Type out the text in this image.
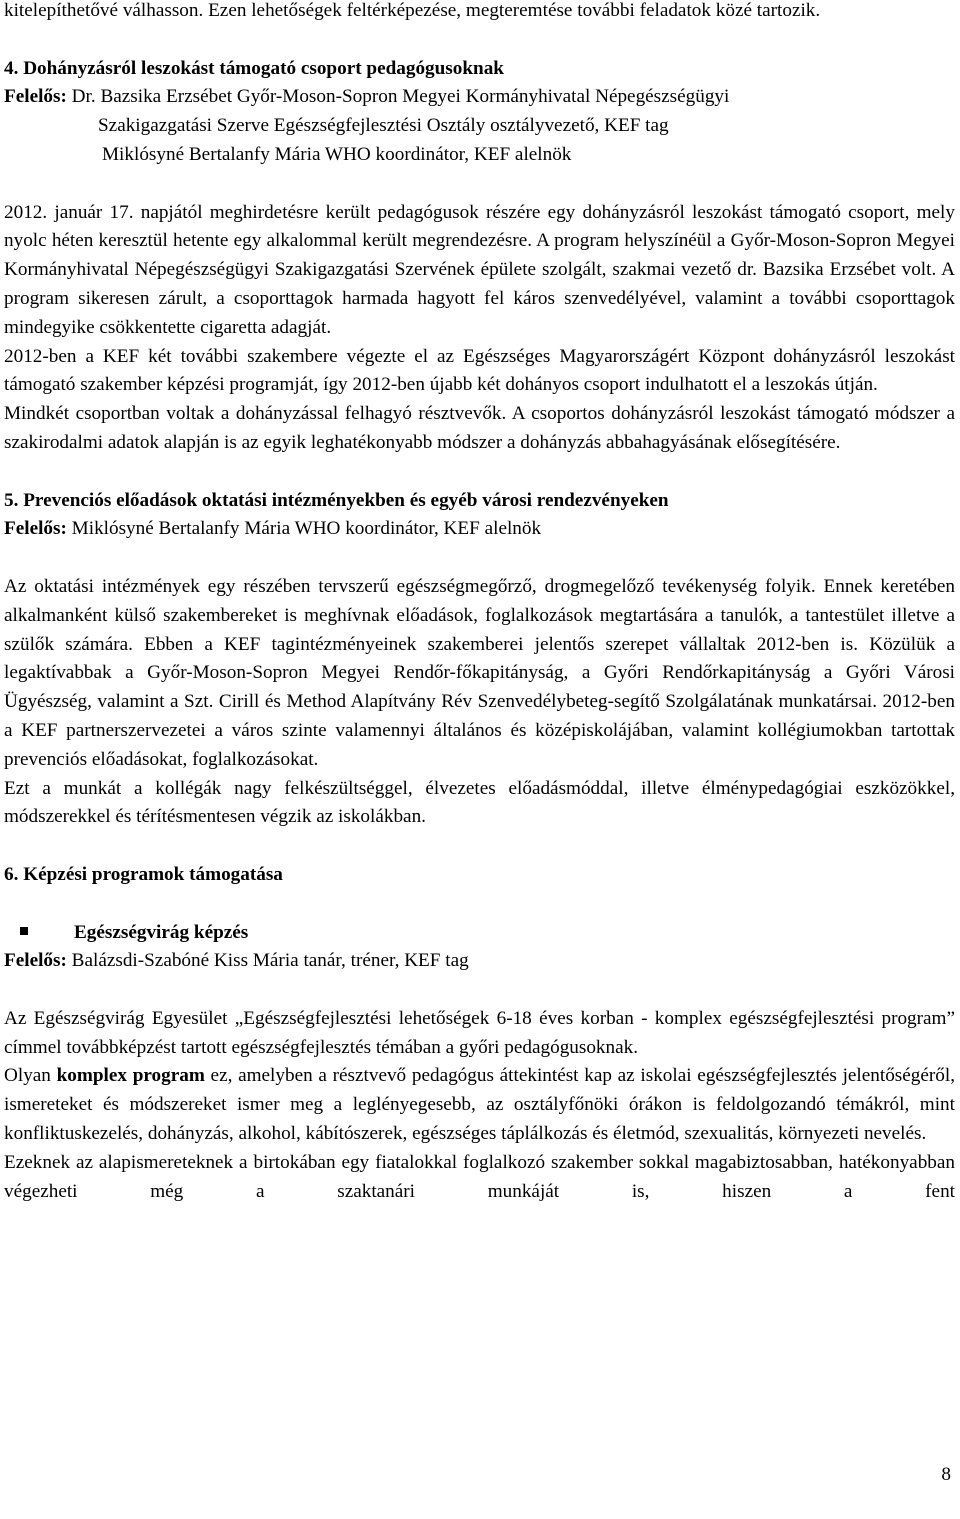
kitelepíthetővé válhasson. Ezen lehetőségek feltérképezése, megteremtése további feladatok közé tartozik.

4. Dohányzásról leszokást támogató csoport pedagógusoknak

Felelős: Dr. Bazsika Erzsébet Győr-Moson-Sopron Megyei Kormányhivatal Népegészségügyi

Szakigazgatási Szerve Egészségfejlesztési Osztály osztályvezető, KEF tag

Miklósyné Bertalanfy Mária WHO koordinátor, KEF alelnök

2012. január 17. napjától meghirdetésre került pedagógusok részére egy dohányzásról leszokást támogató csoport, mely nyolc héten keresztül hetente egy alkalommal került megrendezésre. A program helyszínéül a Győr-Moson-Sopron Megyei Kormányhivatal Népegészségügyi Szakigazgatási Szervének épülete szolgált, szakmai vezető dr. Bazsika Erzsébet volt. A program sikeresen zárult, a csoporttagok harmada hagyott fel káros szenvedélyével, valamint a további csoporttagok mindegyike csökkentette cigaretta adagját.

2012-ben a KEF két további szakembere végezte el az Egészséges Magyarországért Központ dohányzásról leszokást támogató szakember képzési programját, így 2012-ben újabb két dohányos csoport indulhatott el a leszokás útján.

Mindkét csoportban voltak a dohányzással felhagyó résztvevők. A csoportos dohányzásról leszokást támogató módszer a szakirodalmi adatok alapján is az egyik leghatékonyabb módszer a dohányzás abbahagyásának elősegítésére.

5. Prevenciós előadások oktatási intézményekben és egyéb városi rendezvényeken

Felelős: Miklósyné Bertalanfy Mária WHO koordinátor, KEF alelnök

Az oktatási intézmények egy részében tervszerű egészségmegőrző, drogmegelőző tevékenység folyik. Ennek keretében alkalmanként külső szakembereket is meghívnak előadások, foglalkozások megtartására a tanulók, a tantestület illetve a szülők számára. Ebben a KEF tagintézményeinek szakemberei jelentős szerepet vállaltak 2012-ben is. Közülük a legaktívabbak a Győr-Moson-Sopron Megyei Rendőr-főkapitányság, a Győri Rendőrkapitányság a Győri Városi Ügyészség, valamint a Szt. Cirill és Method Alapítvány Rév Szenvedélybeteg-segítő Szolgálatának munkatársai. 2012-ben a KEF partnerszervezetei a város szinte valamennyi általános és középiskolájában, valamint kollégiumokban tartottak prevenciós előadásokat, foglalkozásokat.

Ezt a munkát a kollégák nagy felkészültséggel, élvezetes előadásmóddal, illetve élménypedagógiai eszközökkel, módszerekkel és térítésmentesen végzik az iskolákban.

6. Képzési programok támogatása

Egészségvirág képzés

Felelős: Balázsdi-Szabóné Kiss Mária tanár, tréner, KEF tag

Az Egészségvirág Egyesület „Egészségfejlesztési lehetőségek 6-18 éves korban - komplex egészségfejlesztési program” címmel továbbképzést tartott egészségfejlesztés témában a győri pedagógusoknak.

Olyan komplex program ez, amelyben a résztvevő pedagógus áttekintést kap az iskolai egészségfejlesztés jelentőségéről, ismereteket és módszereket ismer meg a leglényegesebb, az osztályfőnöki órákon is feldolgozandó témákról, mint konfliktuskezelés, dohányzás, alkohol, kábítószerek, egészséges táplálkozás és életmód, szexualitás, környezeti nevelés.

Ezeknek az alapismereteknek a birtokában egy fiatalokkal foglalkozó szakember sokkal magabiztosabban, hatékonyabban végezheti még a szaktanári munkáját is, hiszen a fent

8
